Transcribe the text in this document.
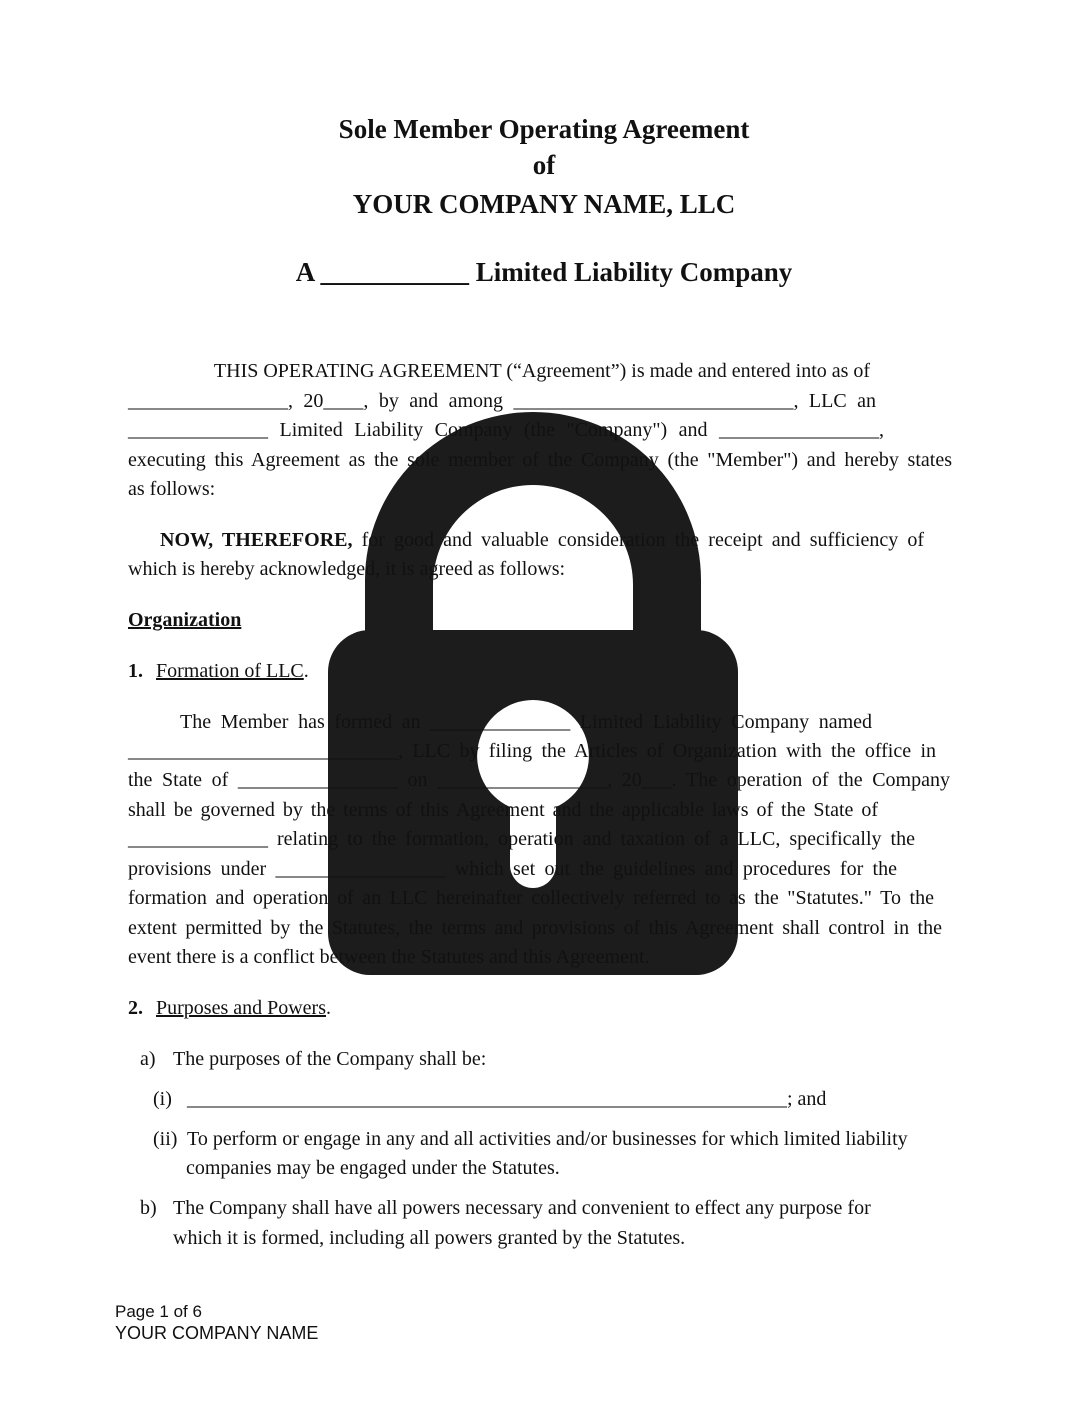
Sole Member Operating Agreement
of
YOUR COMPANY NAME, LLC
A ___________ Limited Liability Company
THIS OPERATING AGREEMENT (“Agreement”) is made and entered into as of
________________, 20____, by and among ____________________________, LLC an
______________ Limited Liability Company (the "Company") and ________________,
executing this Agreement as the sole member of the Company (the "Member") and hereby states
as follows:
NOW, THEREFORE, for good and valuable consideration the receipt and sufficiency of
which is hereby acknowledged, it is agreed as follows:
Organization
1. Formation of LLC.
The Member has formed an ______________ Limited Liability Company named
___________________________, LLC by filing the Articles of Organization with the office in
the State of ________________ on _________________, 20___. The operation of the Company
shall be governed by the terms of this Agreement and the applicable laws of the State of
______________ relating to the formation, operation and taxation of a LLC, specifically the
provisions under _________________ which set out the guidelines and procedures for the
formation and operation of an LLC hereinafter collectively referred to as the "Statutes." To the
extent permitted by the Statutes, the terms and provisions of this Agreement shall control in the
event there is a conflict between the Statutes and this Agreement.
2. Purposes and Powers.
a) The purposes of the Company shall be:
(i) ____________________________________________________________; and
(ii) To perform or engage in any and all activities and/or businesses for which limited liability
companies may be engaged under the Statutes.
b) The Company shall have all powers necessary and convenient to effect any purpose for
which it is formed, including all powers granted by the Statutes.
Page 1 of 6
YOUR COMPANY NAME
